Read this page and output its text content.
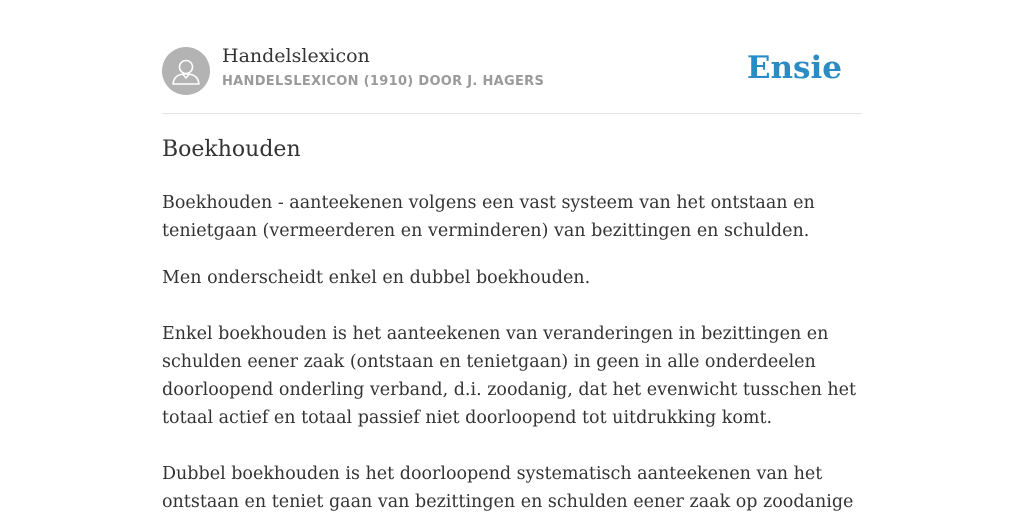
Handelslexicon
HANDELSLEXICON (1910) DOOR J. HAGERS	Ensie
Boekhouden

Boekhouden - aanteekenen volgens een vast systeem van het ontstaan en tenietgaan (vermeerderen en verminderen) van bezittingen en schulden.

Men onderscheidt enkel en dubbel boekhouden.

Enkel boekhouden is het aanteekenen van veranderingen in bezittingen en schulden eener zaak (ontstaan en tenietgaan) in geen in alle onderdeelen doorloopend onderling verband, d.i. zoodanig, dat het evenwicht tusschen het totaal actief en totaal passief niet doorloopend tot uitdrukking komt.

Dubbel boekhouden is het doorloopend systematisch aanteekenen van het ontstaan en teniet gaan van bezittingen en schulden eener zaak op zoodanige
